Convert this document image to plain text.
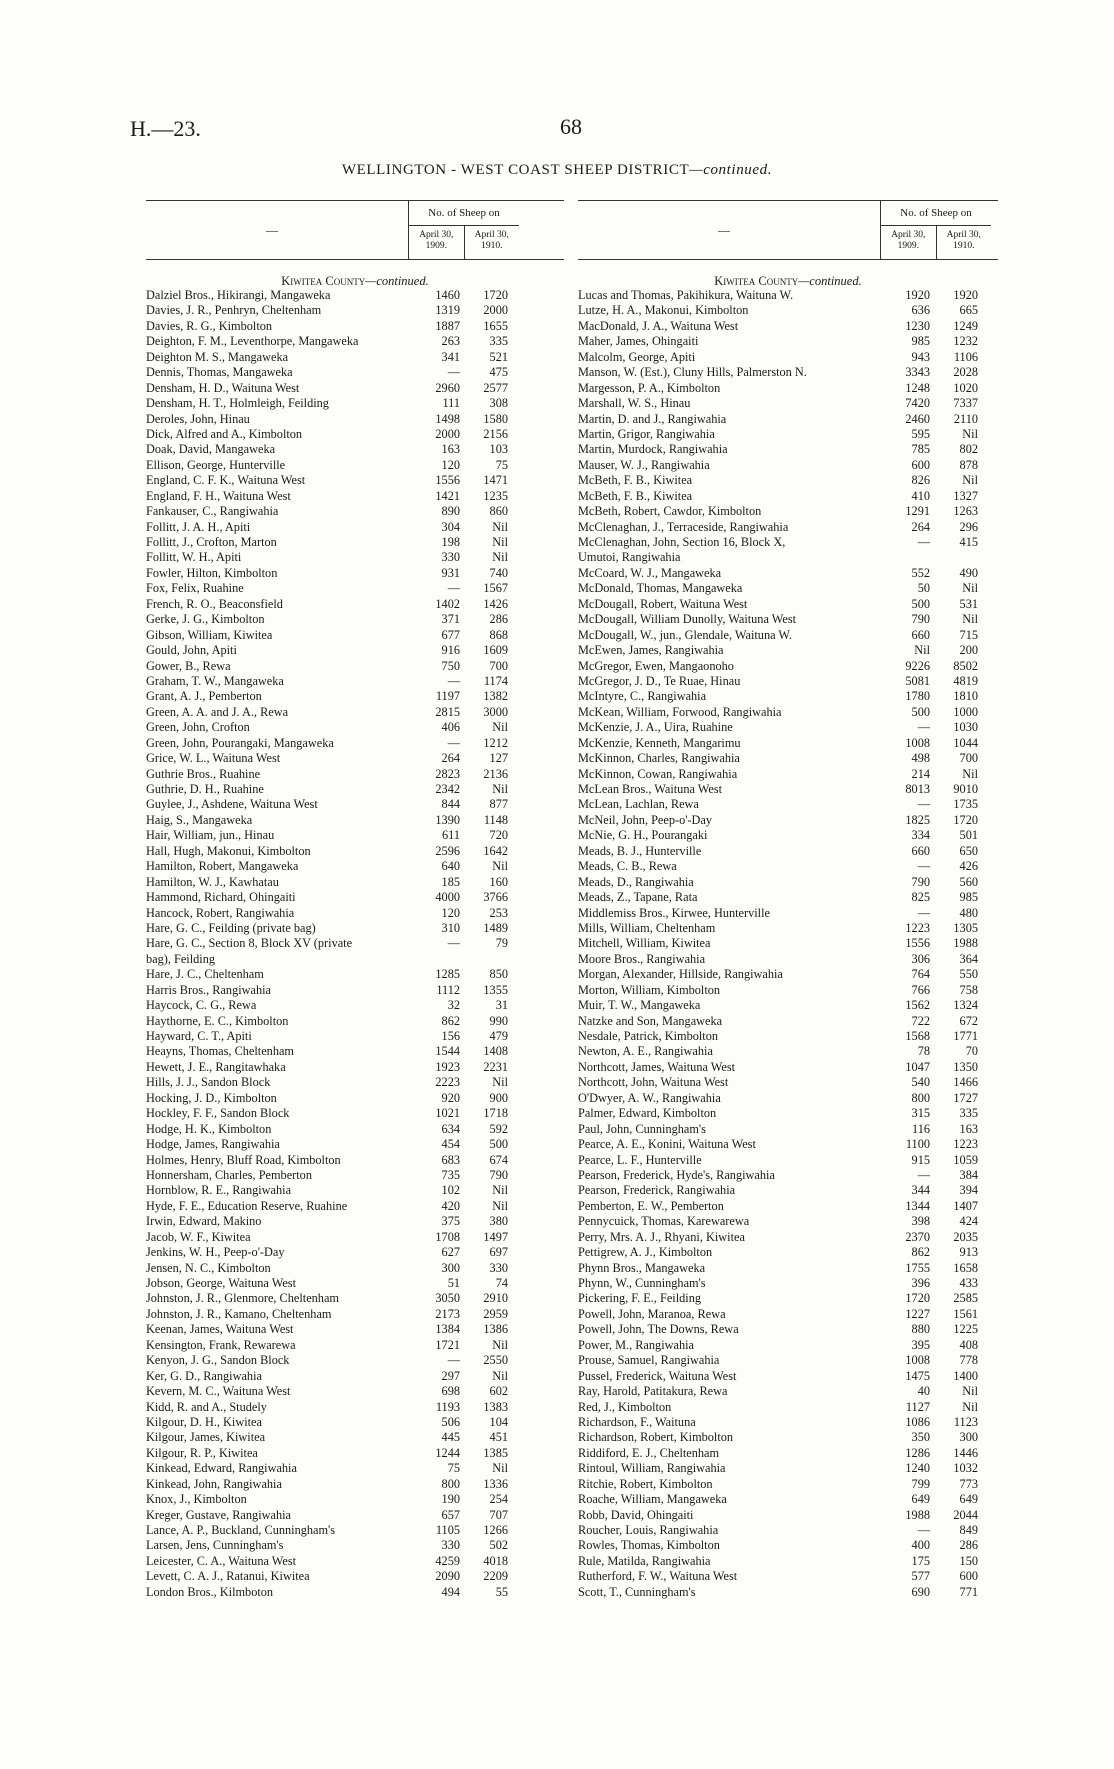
H.—23.	68
WELLINGTON - WEST COAST SHEEP DISTRICT—continued.
—
No. of Sheep on
April 30,
1909.
April 30,
1910.
Kiwitea County—continued.
Dalziel Bros., Hikirangi, Mangaweka	1460	1720
Davies, J. R., Penhryn, Cheltenham	1319	2000
Davies, R. G., Kimbolton	1887	1655
Deighton, F. M., Leventhorpe, Mangaweka	263	335
Deighton M. S., Mangaweka	341	521
Dennis, Thomas, Mangaweka	—	475
Densham, H. D., Waituna West	2960	2577
Densham, H. T., Holmleigh, Feilding	111	308
Deroles, John, Hinau	1498	1580
Dick, Alfred and A., Kimbolton	2000	2156
Doak, David, Mangaweka	163	103
Ellison, George, Hunterville	120	75
England, C. F. K., Waituna West	1556	1471
England, F. H., Waituna West	1421	1235
Fankauser, C., Rangiwahia	890	860
Follitt, J. A. H., Apiti	304	Nil
Follitt, J., Crofton, Marton	198	Nil
Follitt, W. H., Apiti	330	Nil
Fowler, Hilton, Kimbolton	931	740
Fox, Felix, Ruahine	—	1567
French, R. O., Beaconsfield	1402	1426
Gerke, J. G., Kimbolton	371	286
Gibson, William, Kiwitea	677	868
Gould, John, Apiti	916	1609
Gower, B., Rewa	750	700
Graham, T. W., Mangaweka	—	1174
Grant, A. J., Pemberton	1197	1382
Green, A. A. and J. A., Rewa	2815	3000
Green, John, Crofton	406	Nil
Green, John, Pourangaki, Mangaweka	—	1212
Grice, W. L., Waituna West	264	127
Guthrie Bros., Ruahine	2823	2136
Guthrie, D. H., Ruahine	2342	Nil
Guylee, J., Ashdene, Waituna West	844	877
Haig, S., Mangaweka	1390	1148
Hair, William, jun., Hinau	611	720
Hall, Hugh, Makonui, Kimbolton	2596	1642
Hamilton, Robert, Mangaweka	640	Nil
Hamilton, W. J., Kawhatau	185	160
Hammond, Richard, Ohingaiti	4000	3766
Hancock, Robert, Rangiwahia	120	253
Hare, G. C., Feilding (private bag)	310	1489
Hare, G. C., Section 8, Block XV (private	—	79
bag), Feilding
Hare, J. C., Cheltenham	1285	850
Harris Bros., Rangiwahia	1112	1355
Haycock, C. G., Rewa	32	31
Haythorne, E. C., Kimbolton	862	990
Hayward, C. T., Apiti	156	479
Heayns, Thomas, Cheltenham	1544	1408
Hewett, J. E., Rangitawhaka	1923	2231
Hills, J. J., Sandon Block	2223	Nil
Hocking, J. D., Kimbolton	920	900
Hockley, F. F., Sandon Block	1021	1718
Hodge, H. K., Kimbolton	634	592
Hodge, James, Rangiwahia	454	500
Holmes, Henry, Bluff Road, Kimbolton	683	674
Honnersham, Charles, Pemberton	735	790
Hornblow, R. E., Rangiwahia	102	Nil
Hyde, F. E., Education Reserve, Ruahine	420	Nil
Irwin, Edward, Makino	375	380
Jacob, W. F., Kiwitea	1708	1497
Jenkins, W. H., Peep-o'-Day	627	697
Jensen, N. C., Kimbolton	300	330
Jobson, George, Waituna West	51	74
Johnston, J. R., Glenmore, Cheltenham	3050	2910
Johnston, J. R., Kamano, Cheltenham	2173	2959
Keenan, James, Waituna West	1384	1386
Kensington, Frank, Rewarewa	1721	Nil
Kenyon, J. G., Sandon Block	—	2550
Ker, G. D., Rangiwahia	297	Nil
Kevern, M. C., Waituna West	698	602
Kidd, R. and A., Studely	1193	1383
Kilgour, D. H., Kiwitea	506	104
Kilgour, James, Kiwitea	445	451
Kilgour, R. P., Kiwitea	1244	1385
Kinkead, Edward, Rangiwahia	75	Nil
Kinkead, John, Rangiwahia	800	1336
Knox, J., Kimbolton	190	254
Kreger, Gustave, Rangiwahia	657	707
Lance, A. P., Buckland, Cunningham's	1105	1266
Larsen, Jens, Cunningham's	330	502
Leicester, C. A., Waituna West	4259	4018
Levett, C. A. J., Ratanui, Kiwitea	2090	2209
London Bros., Kilmboton	494	55
—
No. of Sheep on
April 30,
1909.
April 30,
1910.
Kiwitea County—continued.
Lucas and Thomas, Pakihikura, Waituna W.	1920	1920
Lutze, H. A., Makonui, Kimbolton	636	665
MacDonald, J. A., Waituna West	1230	1249
Maher, James, Ohingaiti	985	1232
Malcolm, George, Apiti	943	1106
Manson, W. (Est.), Cluny Hills, Palmerston N.	3343	2028
Margesson, P. A., Kimbolton	1248	1020
Marshall, W. S., Hinau	7420	7337
Martin, D. and J., Rangiwahia	2460	2110
Martin, Grigor, Rangiwahia	595	Nil
Martin, Murdock, Rangiwahia	785	802
Mauser, W. J., Rangiwahia	600	878
McBeth, F. B., Kiwitea	826	Nil
McBeth, F. B., Kiwitea	410	1327
McBeth, Robert, Cawdor, Kimbolton	1291	1263
McClenaghan, J., Terraceside, Rangiwahia	264	296
McClenaghan, John, Section 16, Block X,	—	415
Umutoi, Rangiwahia
McCoard, W. J., Mangaweka	552	490
McDonald, Thomas, Mangaweka	50	Nil
McDougall, Robert, Waituna West	500	531
McDougall, William Dunolly, Waituna West	790	Nil
McDougall, W., jun., Glendale, Waituna W.	660	715
McEwen, James, Rangiwahia	Nil	200
McGregor, Ewen, Mangaonoho	9226	8502
McGregor, J. D., Te Ruae, Hinau	5081	4819
McIntyre, C., Rangiwahia	1780	1810
McKean, William, Forwood, Rangiwahia	500	1000
McKenzie, J. A., Uira, Ruahine	—	1030
McKenzie, Kenneth, Mangarimu	1008	1044
McKinnon, Charles, Rangiwahia	498	700
McKinnon, Cowan, Rangiwahia	214	Nil
McLean Bros., Waituna West	8013	9010
McLean, Lachlan, Rewa	—	1735
McNeil, John, Peep-o'-Day	1825	1720
McNie, G. H., Pourangaki	334	501
Meads, B. J., Hunterville	660	650
Meads, C. B., Rewa	—	426
Meads, D., Rangiwahia	790	560
Meads, Z., Tapane, Rata	825	985
Middlemiss Bros., Kirwee, Hunterville	—	480
Mills, William, Cheltenham	1223	1305
Mitchell, William, Kiwitea	1556	1988
Moore Bros., Rangiwahia	306	364
Morgan, Alexander, Hillside, Rangiwahia	764	550
Morton, William, Kimbolton	766	758
Muir, T. W., Mangaweka	1562	1324
Natzke and Son, Mangaweka	722	672
Nesdale, Patrick, Kimbolton	1568	1771
Newton, A. E., Rangiwahia	78	70
Northcott, James, Waituna West	1047	1350
Northcott, John, Waituna West	540	1466
O'Dwyer, A. W., Rangiwahia	800	1727
Palmer, Edward, Kimbolton	315	335
Paul, John, Cunningham's	116	163
Pearce, A. E., Konini, Waituna West	1100	1223
Pearce, L. F., Hunterville	915	1059
Pearson, Frederick, Hyde's, Rangiwahia	—	384
Pearson, Frederick, Rangiwahia	344	394
Pemberton, E. W., Pemberton	1344	1407
Pennycuick, Thomas, Karewarewa	398	424
Perry, Mrs. A. J., Rhyani, Kiwitea	2370	2035
Pettigrew, A. J., Kimbolton	862	913
Phynn Bros., Mangaweka	1755	1658
Phynn, W., Cunningham's	396	433
Pickering, F. E., Feilding	1720	2585
Powell, John, Maranoa, Rewa	1227	1561
Powell, John, The Downs, Rewa	880	1225
Power, M., Rangiwahia	395	408
Prouse, Samuel, Rangiwahia	1008	778
Pussel, Frederick, Waituna West	1475	1400
Ray, Harold, Patitakura, Rewa	40	Nil
Red, J., Kimbolton	1127	Nil
Richardson, F., Waituna	1086	1123
Richardson, Robert, Kimbolton	350	300
Riddiford, E. J., Cheltenham	1286	1446
Rintoul, William, Rangiwahia	1240	1032
Ritchie, Robert, Kimbolton	799	773
Roache, William, Mangaweka	649	649
Robb, David, Ohingaiti	1988	2044
Roucher, Louis, Rangiwahia	—	849
Rowles, Thomas, Kimbolton	400	286
Rule, Matilda, Rangiwahia	175	150
Rutherford, F. W., Waituna West	577	600
Scott, T., Cunningham's	690	771
